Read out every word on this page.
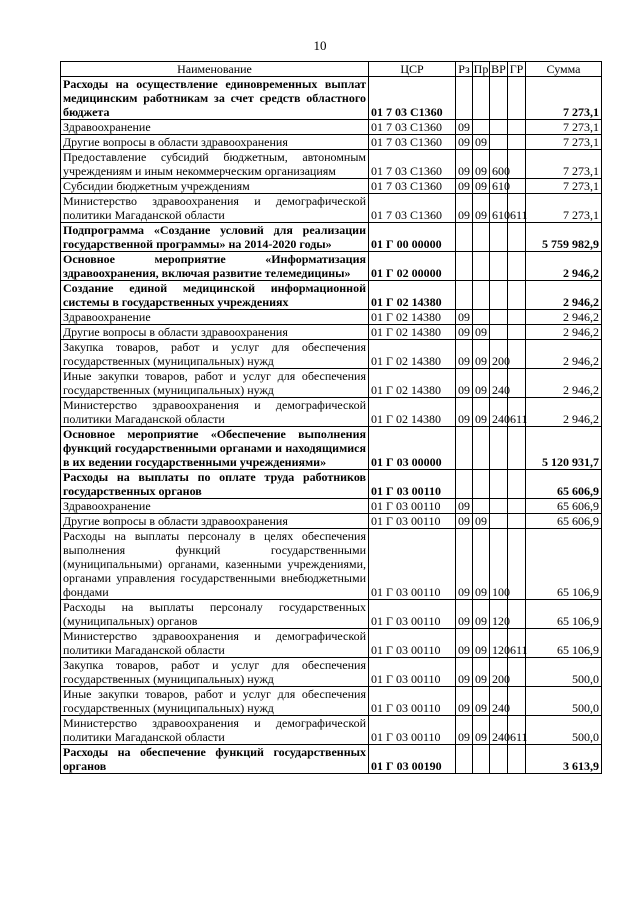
10
Наименование	ЦСР	Рз	Пр	ВР	ГР	Сумма
Расходы на осуществление единовременных выплат медицинским работникам за счет средств областного бюджета	01 7 03 С1360					7 273,1
Здравоохранение	01 7 03 С1360	09				7 273,1
Другие вопросы в области здравоохранения	01 7 03 С1360	09	09			7 273,1
Предоставление субсидий бюджетным, автономным учреждениям и иным некоммерческим организациям	01 7 03 С1360	09	09	600		7 273,1
Субсидии бюджетным учреждениям	01 7 03 С1360	09	09	610		7 273,1
Министерство здравоохранения и демографической политики Магаданской области	01 7 03 С1360	09	09	610	611	7 273,1
Подпрограмма «Создание условий для реализации государственной программы» на 2014-2020 годы»	01 Г 00 00000					5 759 982,9
Основное мероприятие «Информатизация здравоохранения, включая развитие телемедицины»	01 Г 02 00000					2 946,2
Создание единой медицинской информационной системы в государственных учреждениях	01 Г 02 14380					2 946,2
Здравоохранение	01 Г 02 14380	09				2 946,2
Другие вопросы в области здравоохранения	01 Г 02 14380	09	09			2 946,2
Закупка товаров, работ и услуг для обеспечения государственных (муниципальных) нужд	01 Г 02 14380	09	09	200		2 946,2
Иные закупки товаров, работ и услуг для обеспечения государственных (муниципальных) нужд	01 Г 02 14380	09	09	240		2 946,2
Министерство здравоохранения и демографической политики Магаданской области	01 Г 02 14380	09	09	240	611	2 946,2
Основное мероприятие «Обеспечение выполнения функций государственными органами и находящимися в их ведении государственными учреждениями»	01 Г 03 00000					5 120 931,7
Расходы на выплаты по оплате труда работников государственных органов	01 Г 03 00110					65 606,9
Здравоохранение	01 Г 03 00110	09				65 606,9
Другие вопросы в области здравоохранения	01 Г 03 00110	09	09			65 606,9
Расходы на выплаты персоналу в целях обеспечения выполнения функций государственными (муниципальными) органами, казенными учреждениями, органами управления государственными внебюджетными фондами	01 Г 03 00110	09	09	100		65 106,9
Расходы на выплаты персоналу государственных (муниципальных) органов	01 Г 03 00110	09	09	120		65 106,9
Министерство здравоохранения и демографической политики Магаданской области	01 Г 03 00110	09	09	120	611	65 106,9
Закупка товаров, работ и услуг для обеспечения государственных (муниципальных) нужд	01 Г 03 00110	09	09	200		500,0
Иные закупки товаров, работ и услуг для обеспечения государственных (муниципальных) нужд	01 Г 03 00110	09	09	240		500,0
Министерство здравоохранения и демографической политики Магаданской области	01 Г 03 00110	09	09	240	611	500,0
Расходы на обеспечение функций государственных органов	01 Г 03 00190					3 613,9
